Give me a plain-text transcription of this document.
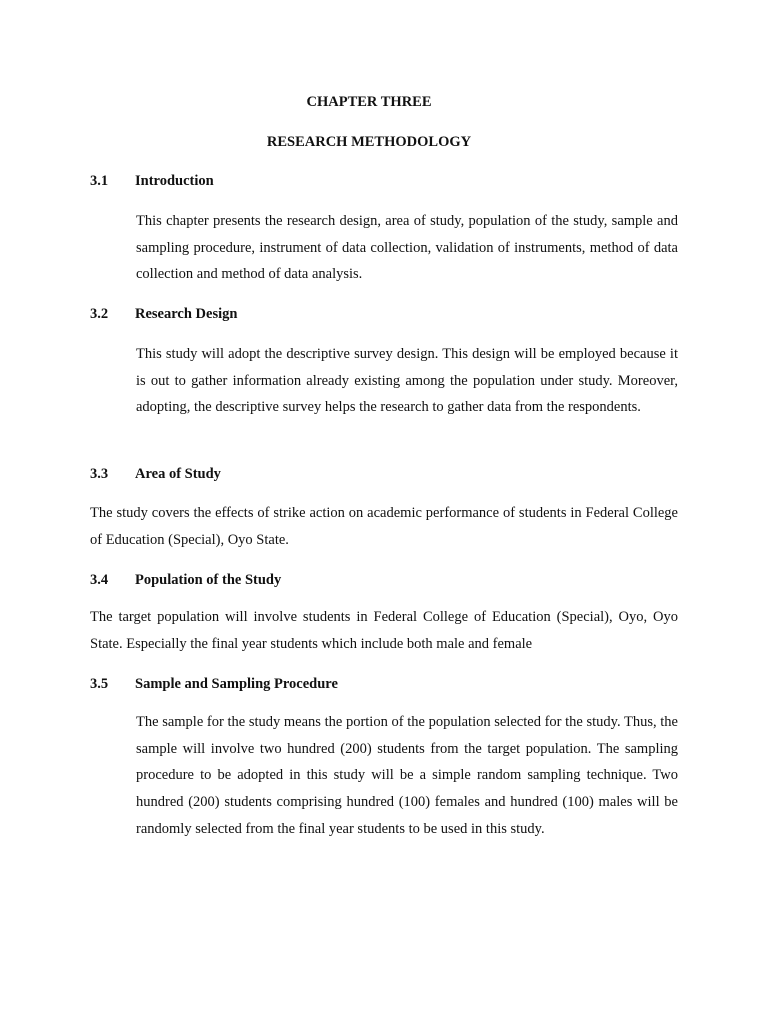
CHAPTER THREE
RESEARCH METHODOLOGY
3.1 Introduction
This chapter presents the research design, area of study, population of the study, sample and sampling procedure, instrument of data collection, validation of instruments, method of data collection and method of data analysis.
3.2 Research Design
This study will adopt the descriptive survey design. This design will be employed because it is out to gather information already existing among the population under study. Moreover, adopting, the descriptive survey helps the research to gather data from the respondents.
3.3 Area of Study
The study covers the effects of strike action on academic performance of students in Federal College of Education (Special), Oyo State.
3.4 Population of the Study
The target population will involve students in Federal College of Education (Special), Oyo, Oyo State. Especially the final year students which include both male and female
3.5 Sample and Sampling Procedure
The sample for the study means the portion of the population selected for the study. Thus, the sample will involve two hundred (200) students from the target population. The sampling procedure to be adopted in this study will be a simple random sampling technique. Two hundred (200) students comprising hundred (100) females and hundred (100) males will be randomly selected from the final year students to be used in this study.
